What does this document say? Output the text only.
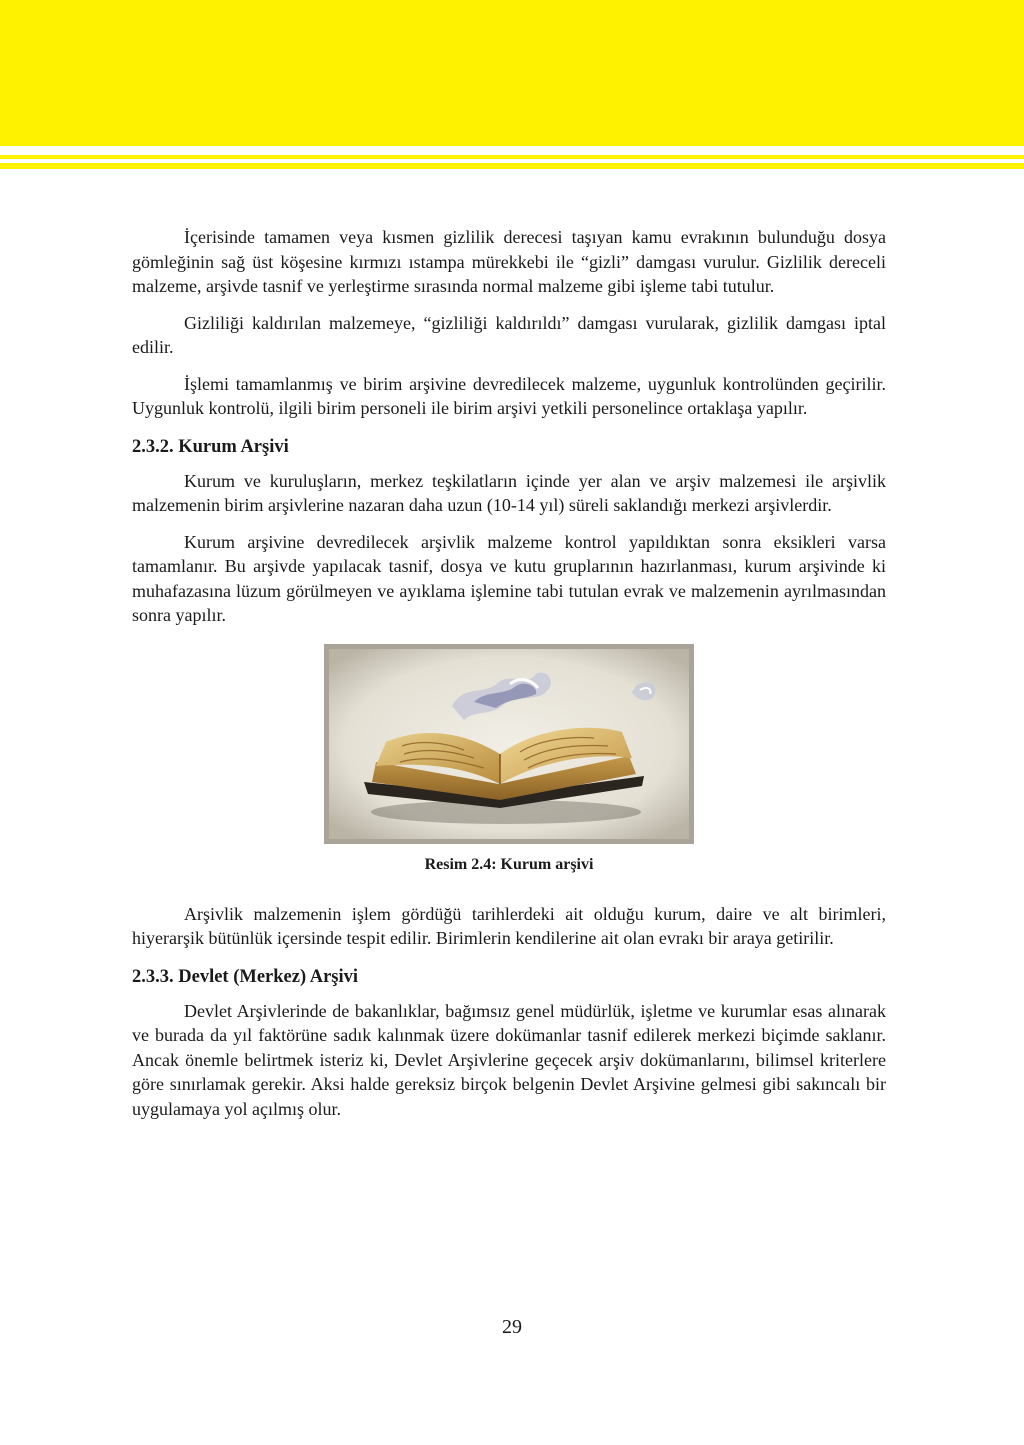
İçerisinde tamamen veya kısmen gizlilik derecesi taşıyan kamu evrakının bulunduğu dosya gömleğinin sağ üst köşesine kırmızı ıstampa mürekkebi ile “gizli” damgası vurulur. Gizlilik dereceli malzeme, arşivde tasnif ve yerleştirme sırasında normal malzeme gibi işleme tabi tutulur.

Gizliliği kaldırılan malzemeye, “gizliliği kaldırıldı” damgası vurularak, gizlilik damgası iptal edilir.

İşlemi tamamlanmış ve birim arşivine devredilecek malzeme, uygunluk kontrolünden geçirilir. Uygunluk kontrolü, ilgili birim personeli ile birim arşivi yetkili personelince ortaklaşa yapılır.

2.3.2. Kurum Arşivi

Kurum ve kuruluşların, merkez teşkilatların içinde yer alan ve arşiv malzemesi ile arşivlik malzemenin birim arşivlerine nazaran daha uzun (10-14 yıl) süreli saklandığı merkezi arşivlerdir.

Kurum arşivine devredilecek arşivlik malzeme kontrol yapıldıktan sonra eksikleri varsa tamamlanır. Bu arşivde yapılacak tasnif, dosya ve kutu gruplarının hazırlanması, kurum arşivinde ki muhafazasına lüzum görülmeyen ve ayıklama işlemine tabi tutulan evrak ve malzemenin ayrılmasından sonra yapılır.

Resim 2.4: Kurum arşivi

Arşivlik malzemenin işlem gördüğü tarihlerdeki ait olduğu kurum, daire ve alt birimleri, hiyerarşik bütünlük içersinde tespit edilir. Birimlerin kendilerine ait olan evrakı bir araya getirilir.

2.3.3. Devlet (Merkez) Arşivi

Devlet Arşivlerinde de bakanlıklar, bağımsız genel müdürlük, işletme ve kurumlar esas alınarak ve burada da yıl faktörüne sadık kalınmak üzere dokümanlar tasnif edilerek merkezi biçimde saklanır. Ancak önemle belirtmek isteriz ki, Devlet Arşivlerine geçecek arşiv dokümanlarını, bilimsel kriterlere göre sınırlamak gerekir. Aksi halde gereksiz birçok belgenin Devlet Arşivine gelmesi gibi sakıncalı bir uygulamaya yol açılmış olur.

29
